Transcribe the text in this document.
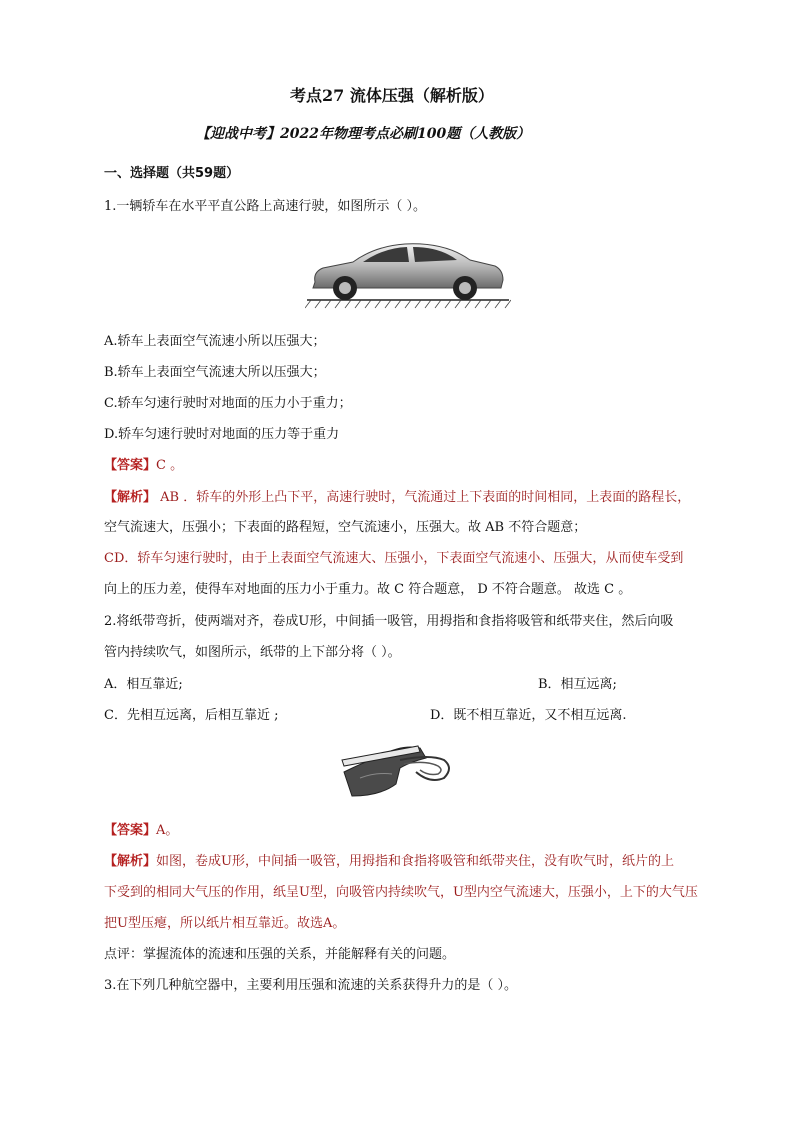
考点27 流体压强（解析版）
【迎战中考】2022年物理考点必刷100题（人教版）
一、选择题（共59题）
1.一辆轿车在水平平直公路上高速行驶，如图所示（ ）。
A.轿车上表面空气流速小所以压强大；
B.轿车上表面空气流速大所以压强大；
C.轿车匀速行驶时对地面的压力小于重力；
D.轿车匀速行驶时对地面的压力等于重力
【答案】C 。
【解析】 AB ．轿车的外形上凸下平，高速行驶时，气流通过上下表面的时间相同，上表面的路程长，
空气流速大，压强小；下表面的路程短，空气流速小，压强大。故 AB 不符合题意；
CD．轿车匀速行驶时，由于上表面空气流速大、压强小，下表面空气流速小、压强大，从而使车受到
向上的压力差，使得车对地面的压力小于重力。故 C 符合题意， D 不符合题意。 故选 C 。
2.将纸带弯折，使两端对齐，卷成U形，中间插一吸管，用拇指和食指将吸管和纸带夹住，然后向吸
管内持续吹气，如图所示，纸带的上下部分将（ ）。
A．相互靠近;	B．相互远离;
C．先相互远离，后相互靠近 ;	D．既不相互靠近，又不相互远离.
【答案】A。
【解析】如图，卷成U形，中间插一吸管，用拇指和食指将吸管和纸带夹住，没有吹气时，纸片的上
下受到的相同大气压的作用，纸呈U型，向吸管内持续吹气，U型内空气流速大，压强小，上下的大气压
把U型压瘪，所以纸片相互靠近。故选A。
点评：掌握流体的流速和压强的关系，并能解释有关的问题。
3.在下列几种航空器中，主要利用压强和流速的关系获得升力的是（ ）。
